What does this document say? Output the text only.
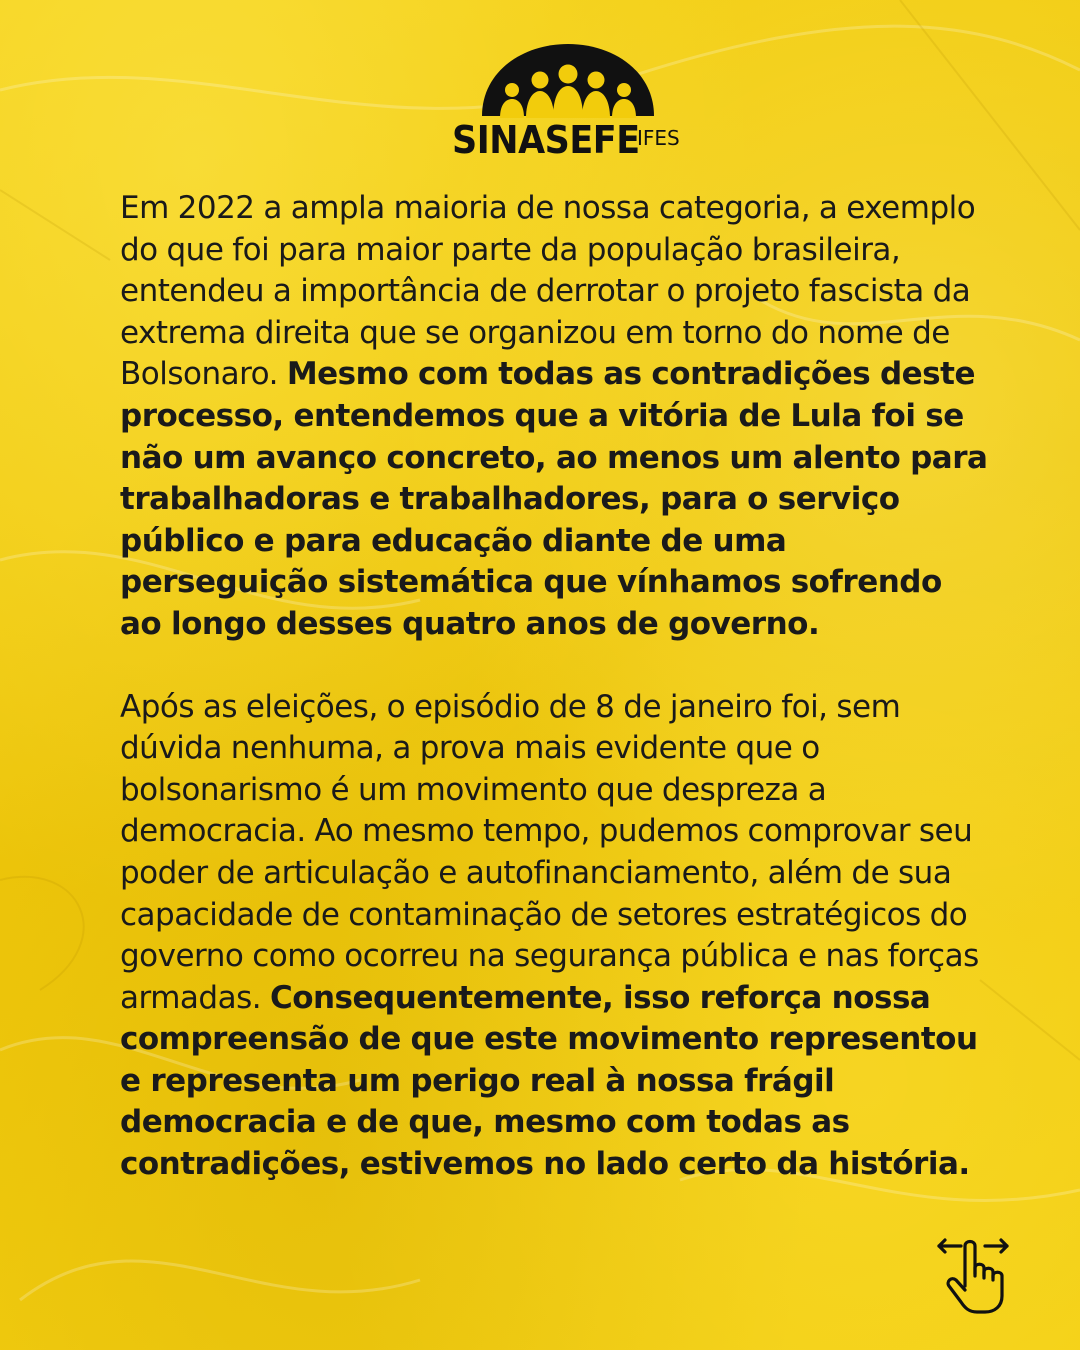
SINASEFE
IFES

Em 2022 a ampla maioria de nossa categoria, a exemplo do que foi para maior parte da população brasileira, entendeu a importância de derrotar o projeto fascista da extrema direita que se organizou em torno do nome de Bolsonaro. Mesmo com todas as contradições deste processo, entendemos que a vitória de Lula foi se não um avanço concreto, ao menos um alento para trabalhadoras e trabalhadores, para o serviço público e para educação diante de uma perseguição sistemática que vínhamos sofrendo ao longo desses quatro anos de governo.

Após as eleições, o episódio de 8 de janeiro foi, sem dúvida nenhuma, a prova mais evidente que o bolsonarismo é um movimento que despreza a democracia. Ao mesmo tempo, pudemos comprovar seu poder de articulação e autofinanciamento, além de sua capacidade de contaminação de setores estratégicos do governo como ocorreu na segurança pública e nas forças armadas. Consequentemente, isso reforça nossa compreensão de que este movimento representou e representa um perigo real à nossa frágil democracia e de que, mesmo com todas as contradições, estivemos no lado certo da história.
